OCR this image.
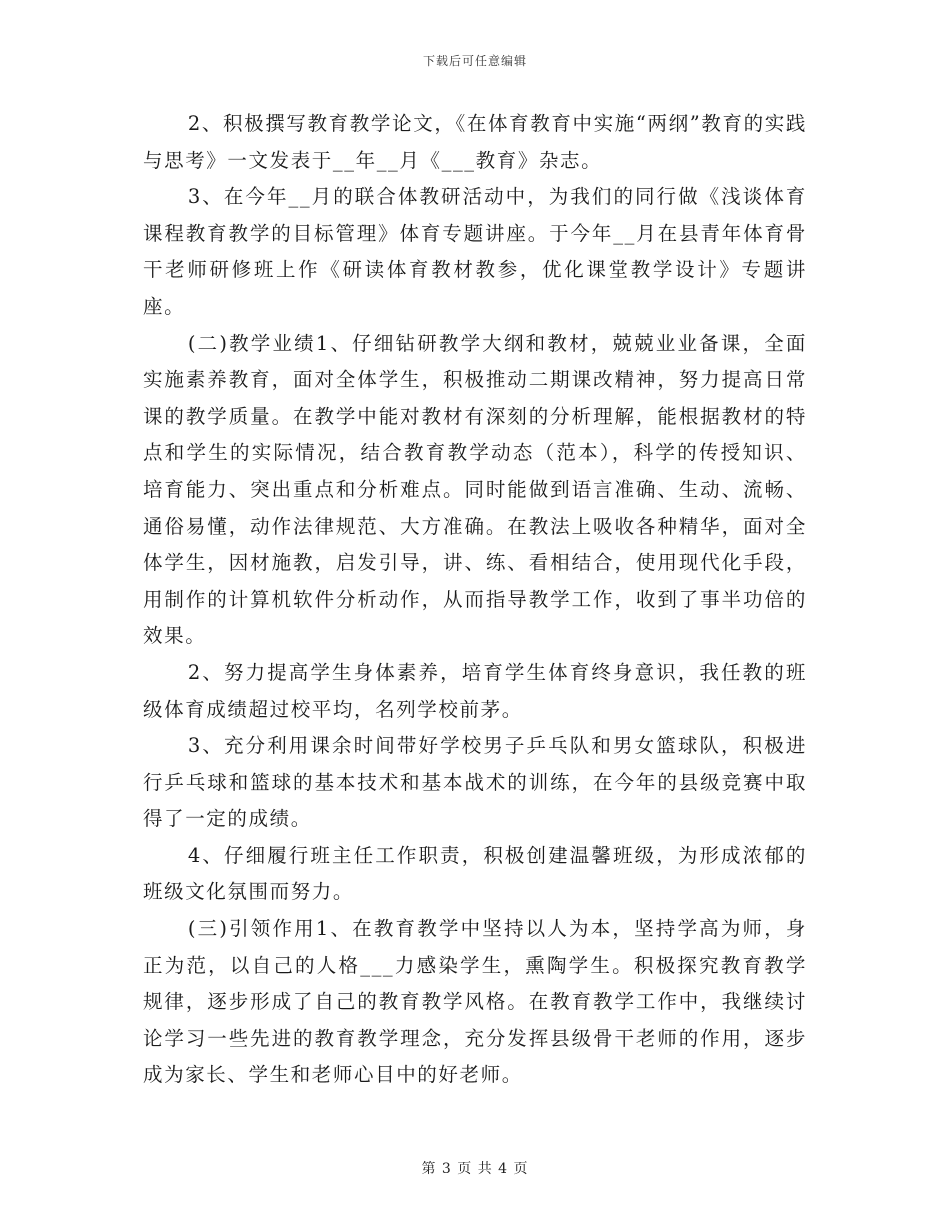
下载后可任意编辑

2、积极撰写教育教学论文，《在体育教育中实施“两纲”教育的实践与思考》一文发表于__年__月《___教育》杂志。

3、在今年__月的联合体教研活动中，为我们的同行做《浅谈体育课程教育教学的目标管理》体育专题讲座。于今年__月在县青年体育骨干老师研修班上作《研读体育教材教参，优化课堂教学设计》专题讲座。

(二)教学业绩1、仔细钻研教学大纲和教材，兢兢业业备课，全面实施素养教育，面对全体学生，积极推动二期课改精神，努力提高日常课的教学质量。在教学中能对教材有深刻的分析理解，能根据教材的特点和学生的实际情况，结合教育教学动态（范本），科学的传授知识、培育能力、突出重点和分析难点。同时能做到语言准确、生动、流畅、通俗易懂，动作法律规范、大方准确。在教法上吸收各种精华，面对全体学生，因材施教，启发引导，讲、练、看相结合，使用现代化手段，用制作的计算机软件分析动作，从而指导教学工作，收到了事半功倍的效果。

2、努力提高学生身体素养，培育学生体育终身意识，我任教的班级体育成绩超过校平均，名列学校前茅。

3、充分利用课余时间带好学校男子乒乓队和男女篮球队，积极进行乒乓球和篮球的基本技术和基本战术的训练，在今年的县级竞赛中取得了一定的成绩。

4、仔细履行班主任工作职责，积极创建温馨班级，为形成浓郁的班级文化氛围而努力。

(三)引领作用1、在教育教学中坚持以人为本，坚持学高为师，身正为范，以自己的人格___力感染学生，熏陶学生。积极探究教育教学规律，逐步形成了自己的教育教学风格。在教育教学工作中，我继续讨论学习一些先进的教育教学理念，充分发挥县级骨干老师的作用，逐步成为家长、学生和老师心目中的好老师。

第 3 页 共 4 页
